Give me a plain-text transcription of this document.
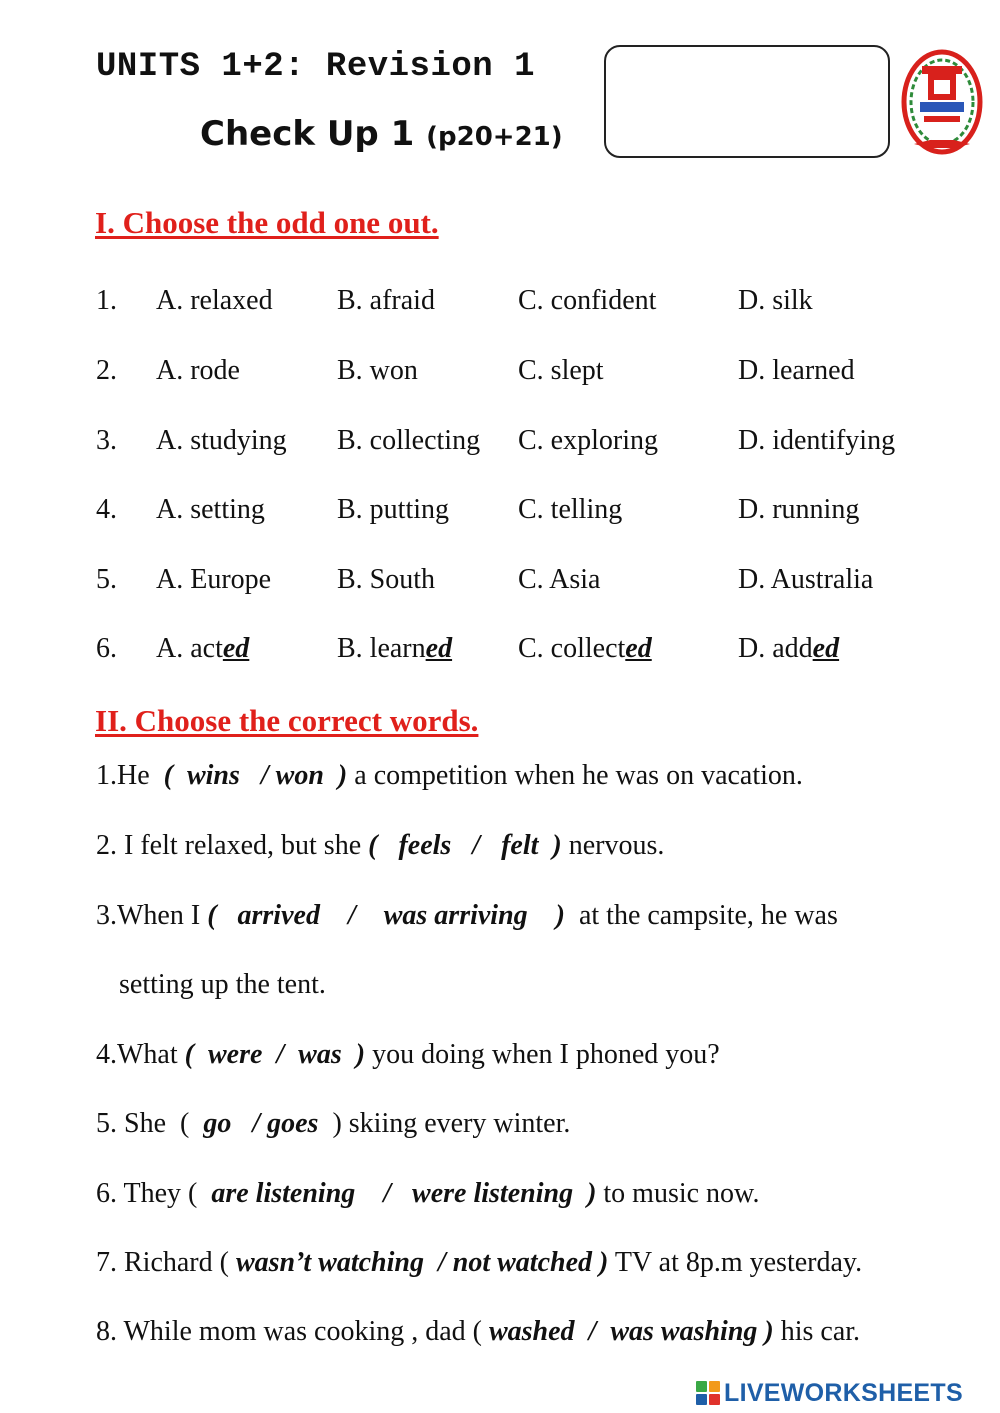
UNITS 1+2: Revision 1
Check Up 1 (p20+21)
I. Choose the odd one out.
1. A. relaxed B. afraid	C. confident	D. silk
2. A. rode	B. won	C. slept	D. learned
3. A. studying B. collecting C. exploring	D. identifying
4. A. setting	B. putting C. telling	D. running
5. A. Europe B. South	C. Asia	D. Australia
6. A. acted	B. learned C. collected	D. added
II. Choose the correct words.
1.He  (  wins   / won  ) a competition when he was on vacation.
2. I felt relaxed, but she (   feels   /   felt  ) nervous.
3.When I (   arrived    /    was arriving    )  at the campsite, he was
setting up the tent.
4.What (  were  /  was  ) you doing when I phoned you?
5. She  (  go   / goes  ) skiing every winter.
6. They (  are listening    /   were listening  ) to music now.
7. Richard ( wasn’t watching  / not watched ) TV at 8p.m yesterday.
8. While mom was cooking , dad ( washed  /  was washing ) his car.
LIVEWORKSHEETS
